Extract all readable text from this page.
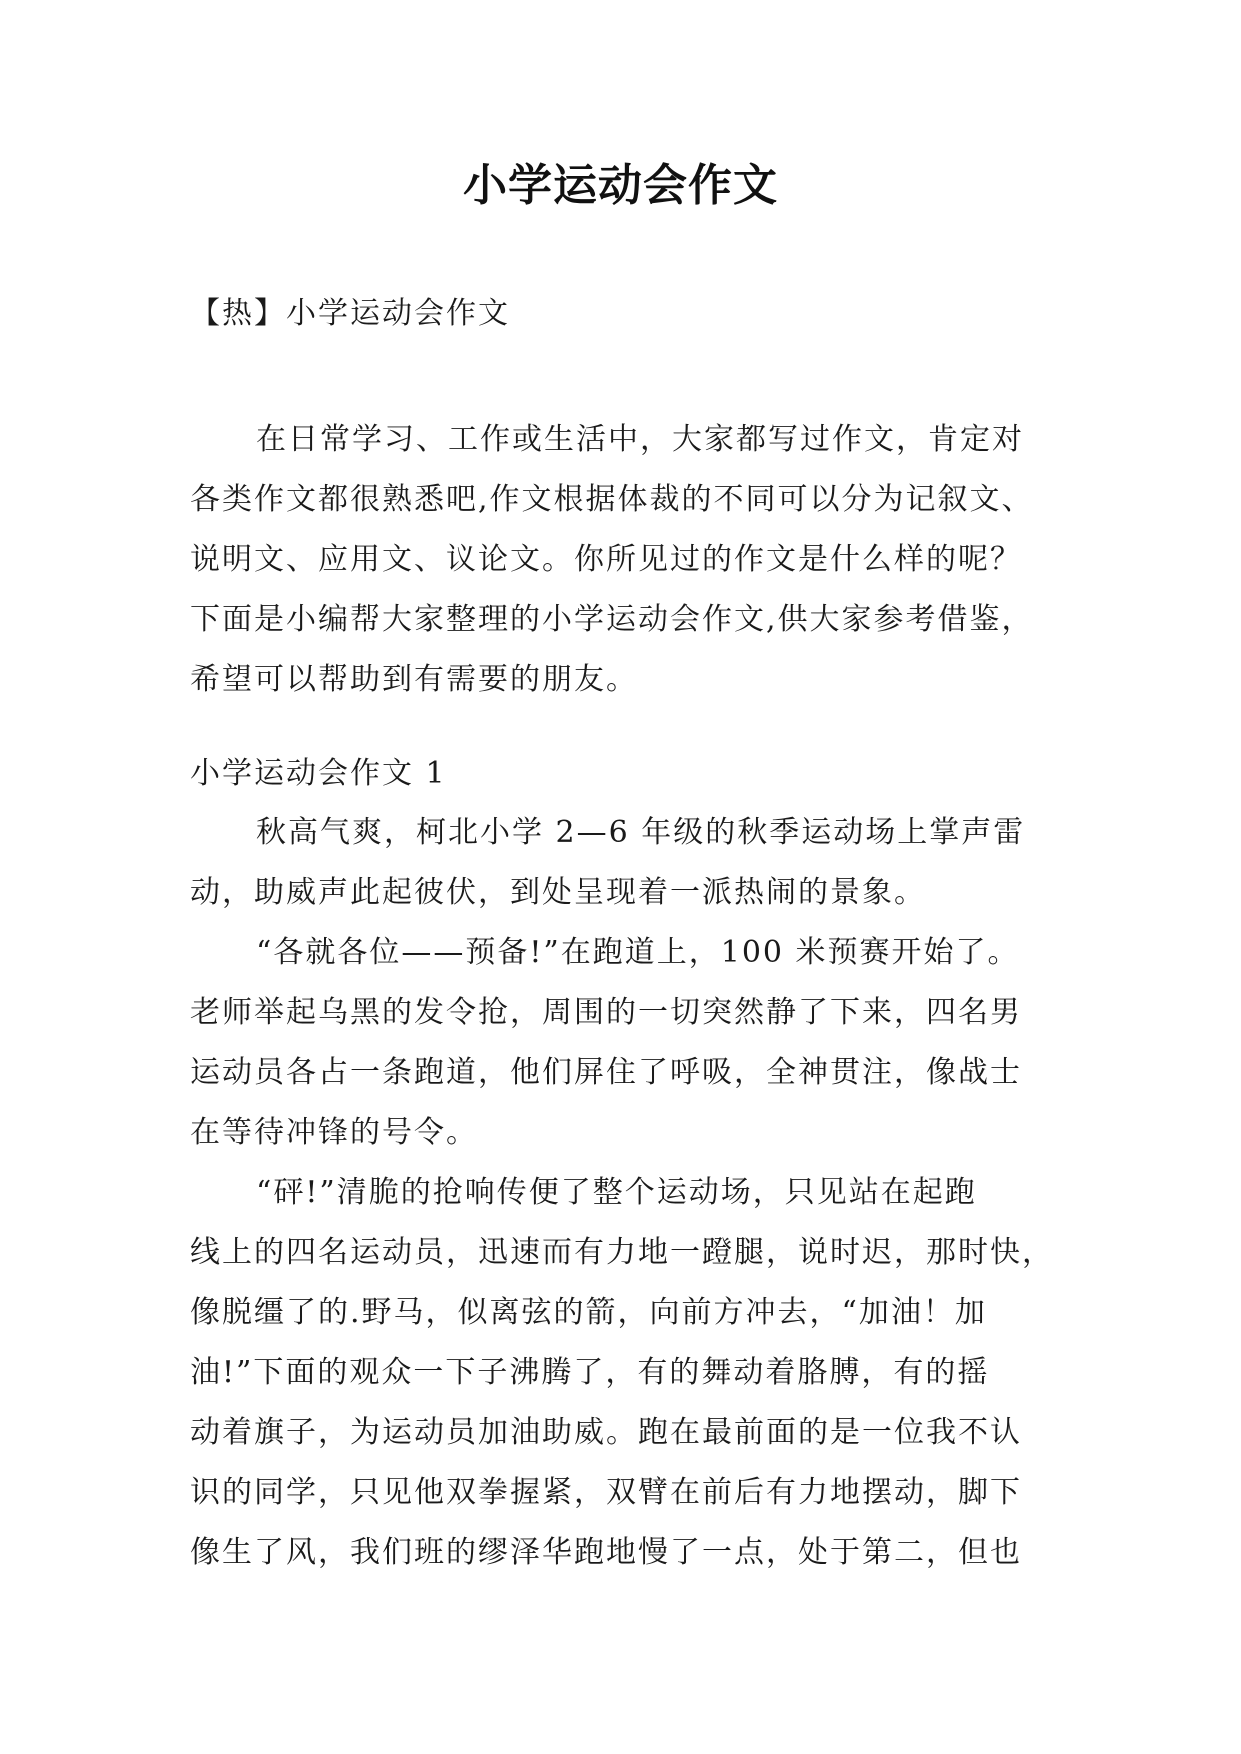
小学运动会作文
【热】小学运动会作文
在日常学习、工作或生活中，大家都写过作文，肯定对
各类作文都很熟悉吧,作文根据体裁的不同可以分为记叙文、
说明文、应用文、议论文。你所见过的作文是什么样的呢？
下面是小编帮大家整理的小学运动会作文,供大家参考借鉴，
希望可以帮助到有需要的朋友。
小学运动会作文 1
秋高气爽，柯北小学 2—6 年级的秋季运动场上掌声雷
动，助威声此起彼伏，到处呈现着一派热闹的景象。
“各就各位——预备!”在跑道上，100 米预赛开始了。
老师举起乌黑的发令抢，周围的一切突然静了下来，四名男
运动员各占一条跑道，他们屏住了呼吸，全神贯注，像战士
在等待冲锋的号令。
“砰!”清脆的抢响传便了整个运动场，只见站在起跑
线上的四名运动员，迅速而有力地一蹬腿，说时迟，那时快，
像脱缰了的.野马，似离弦的箭，向前方冲去，“加油！加
油!”下面的观众一下子沸腾了，有的舞动着胳膊，有的摇
动着旗子，为运动员加油助威。跑在最前面的是一位我不认
识的同学，只见他双拳握紧，双臂在前后有力地摆动，脚下
像生了风，我们班的缪泽华跑地慢了一点，处于第二，但也
